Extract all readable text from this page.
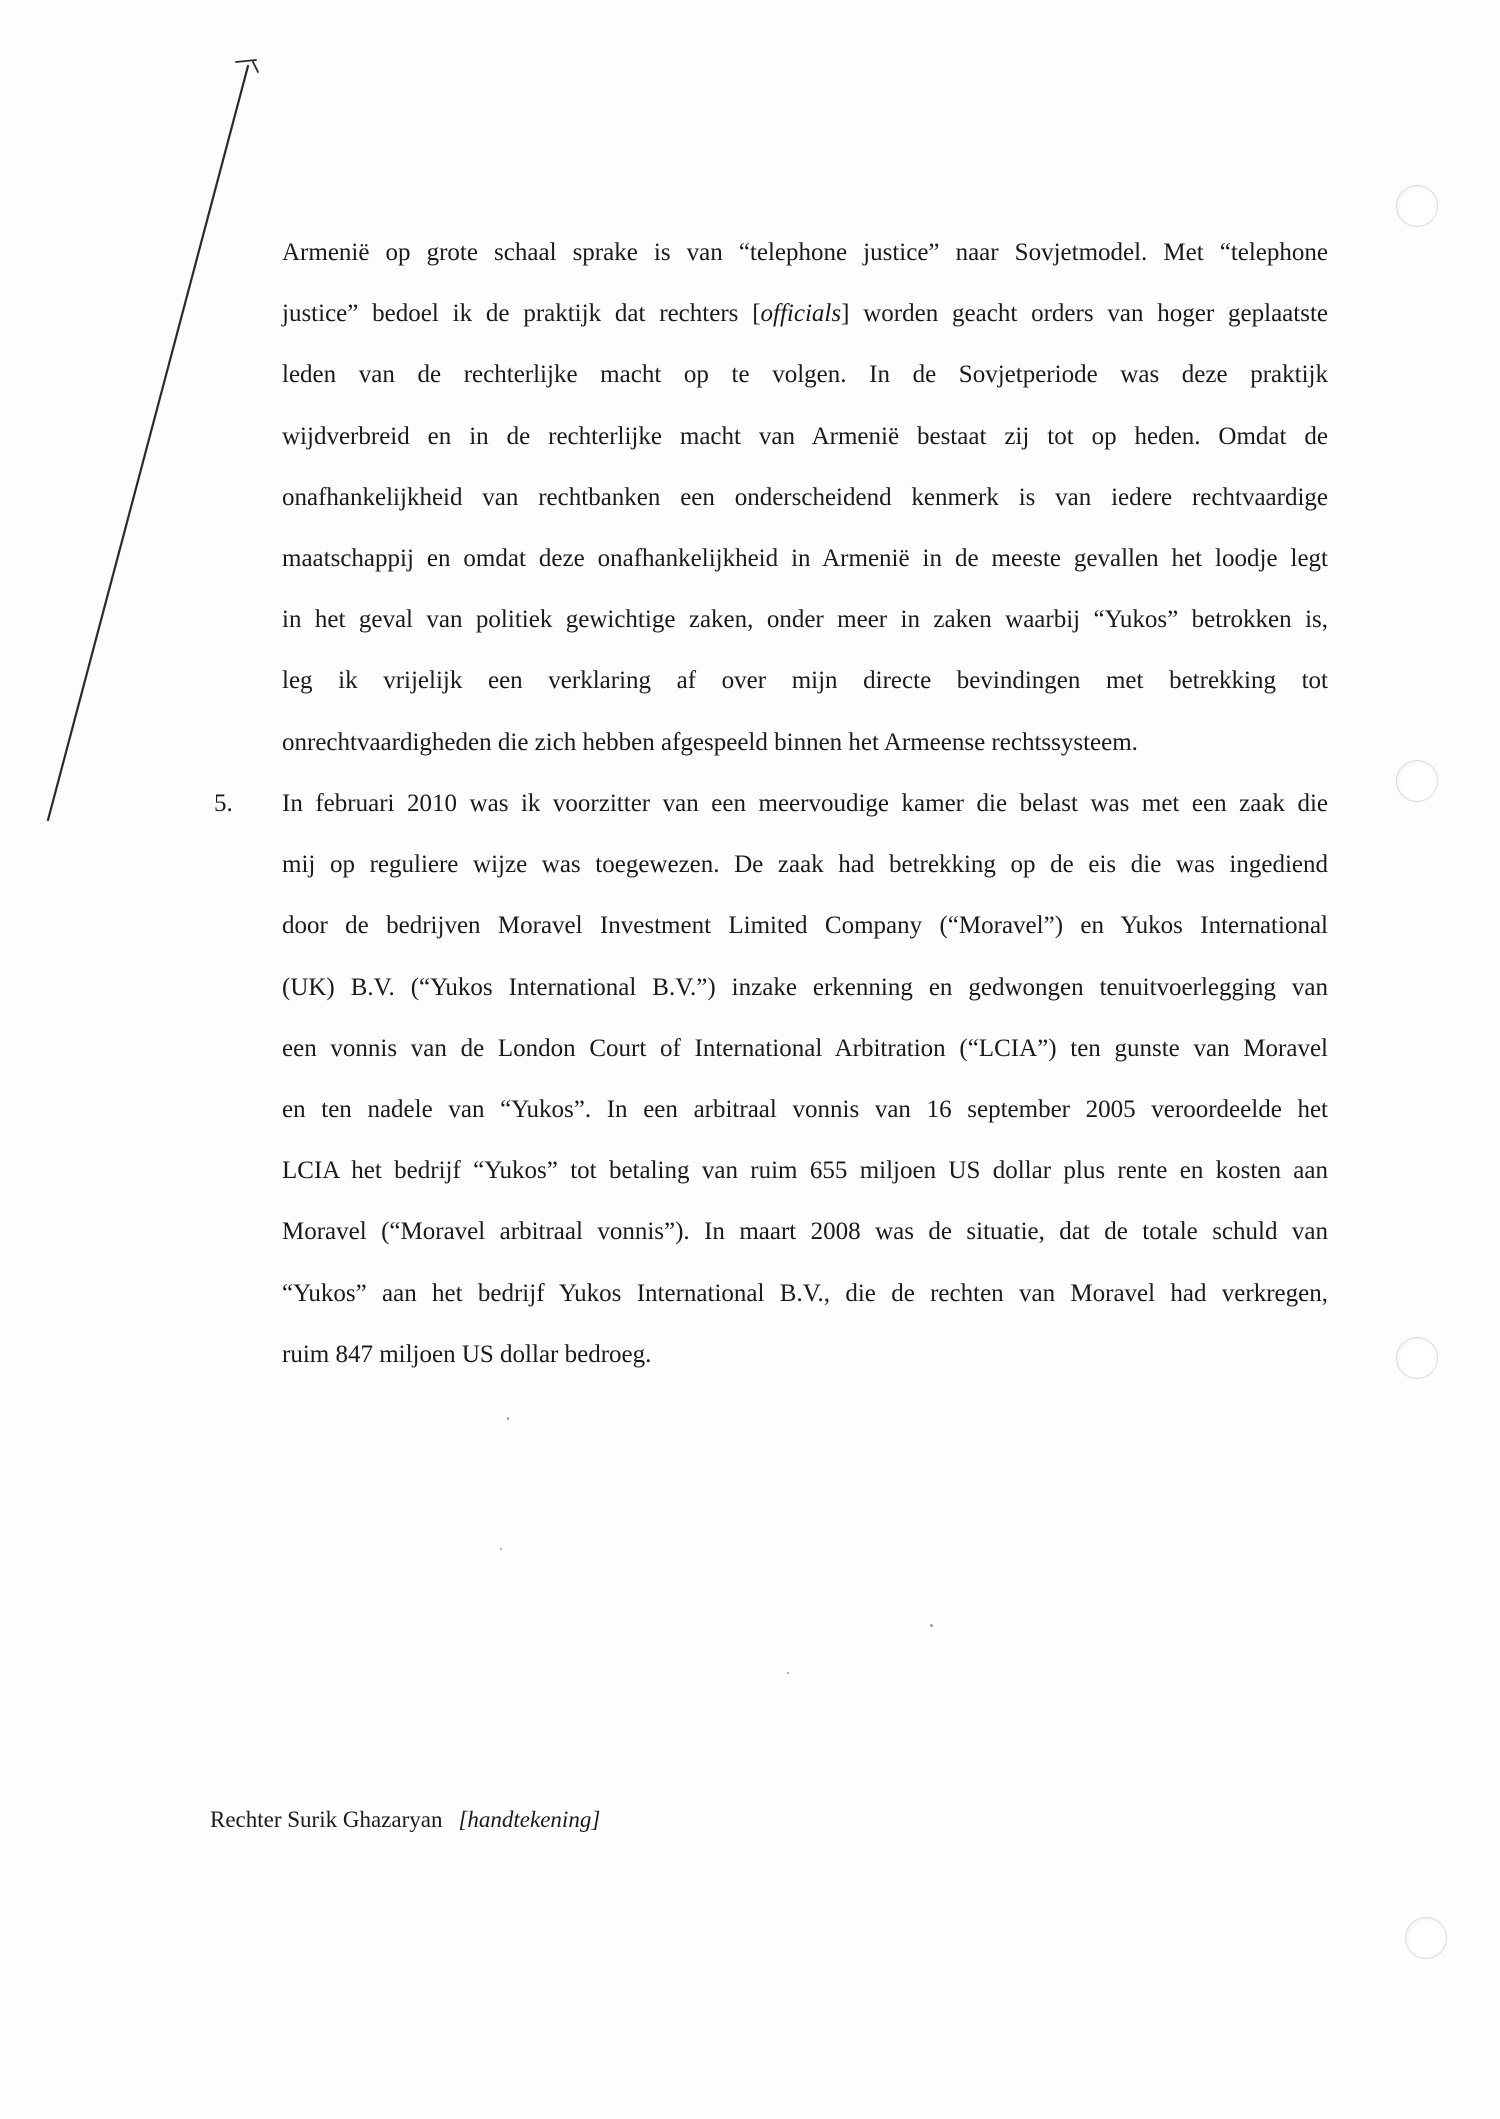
Armenië op grote schaal sprake is van “telephone justice” naar Sovjetmodel. Met “telephone
justice” bedoel ik de praktijk dat rechters [officials] worden geacht orders van hoger geplaatste
leden van de rechterlijke macht op te volgen. In de Sovjetperiode was deze praktijk
wijdverbreid en in de rechterlijke macht van Armenië bestaat zij tot op heden. Omdat de
onafhankelijkheid van rechtbanken een onderscheidend kenmerk is van iedere rechtvaardige
maatschappij en omdat deze onafhankelijkheid in Armenië in de meeste gevallen het loodje legt
in het geval van politiek gewichtige zaken, onder meer in zaken waarbij “Yukos” betrokken is,
leg ik vrijelijk een verklaring af over mijn directe bevindingen met betrekking tot
onrechtvaardigheden die zich hebben afgespeeld binnen het Armeense rechtssysteem.
5. In februari 2010 was ik voorzitter van een meervoudige kamer die belast was met een zaak die
mij op reguliere wijze was toegewezen. De zaak had betrekking op de eis die was ingediend
door de bedrijven Moravel Investment Limited Company (“Moravel”) en Yukos International
(UK) B.V. (“Yukos International B.V.”) inzake erkenning en gedwongen tenuitvoerlegging van
een vonnis van de London Court of International Arbitration (“LCIA”) ten gunste van Moravel
en ten nadele van “Yukos”. In een arbitraal vonnis van 16 september 2005 veroordeelde het
LCIA het bedrijf “Yukos” tot betaling van ruim 655 miljoen US dollar plus rente en kosten aan
Moravel (“Moravel arbitraal vonnis”). In maart 2008 was de situatie, dat de totale schuld van
“Yukos” aan het bedrijf Yukos International B.V., die de rechten van Moravel had verkregen,
ruim 847 miljoen US dollar bedroeg.
Rechter Surik Ghazaryan [handtekening]
